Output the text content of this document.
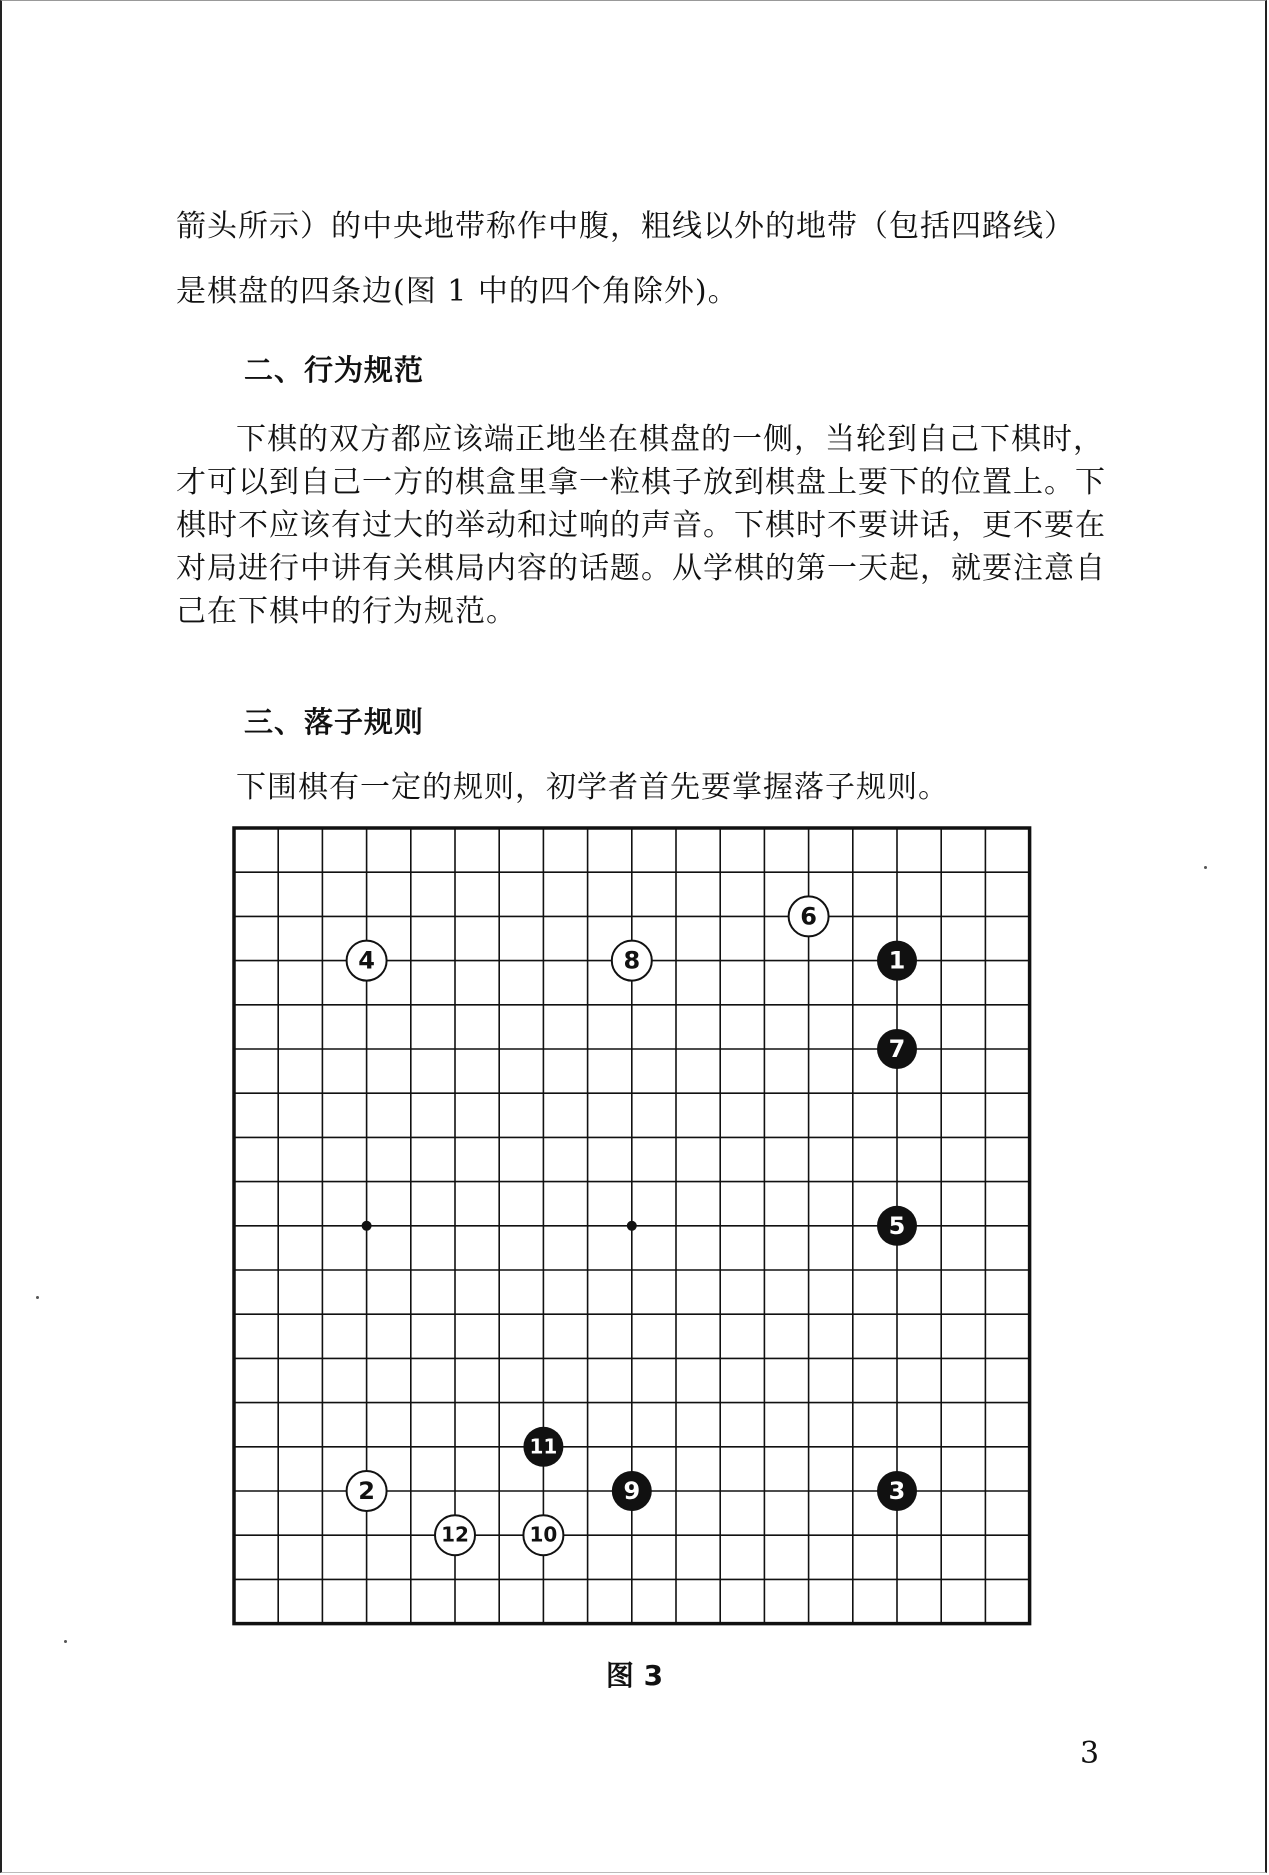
箭头所示）的中央地带称作中腹，粗线以外的地带（包括四路线）

是棋盘的四条边(图 1 中的四个角除外)。

二、行为规范

下棋的双方都应该端正地坐在棋盘的一侧，当轮到自己下棋时，才可以到自己一方的棋盒里拿一粒棋子放到棋盘上要下的位置上。下棋时不应该有过大的举动和过响的声音。下棋时不要讲话，更不要在对局进行中讲有关棋局内容的话题。从学棋的第一天起，就要注意自己在下棋中的行为规范。

三、落子规则

下围棋有一定的规则，初学者首先要掌握落子规则。

1
2	3
4
5
6
7
8
9
10
11
12
图 3
3
